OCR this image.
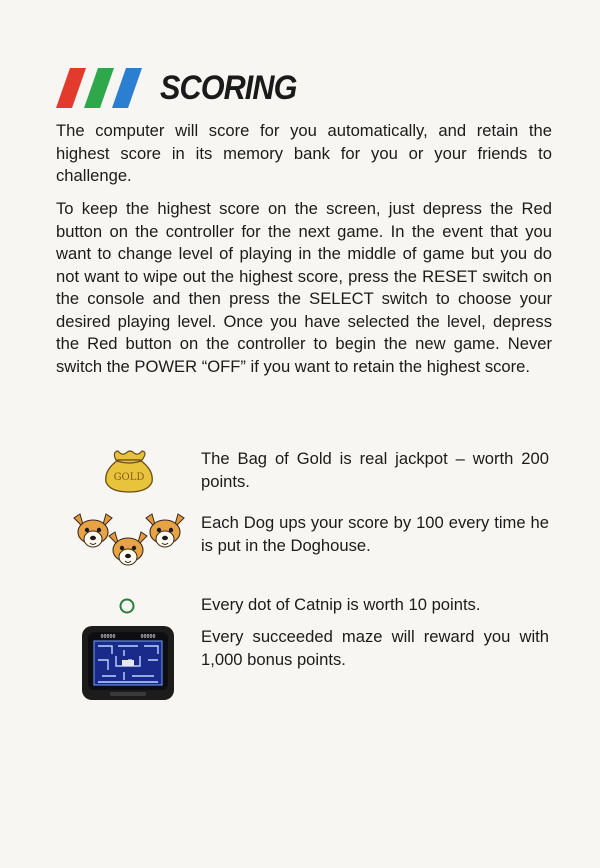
SCORING

The computer will score for you automatically, and retain the highest score in its memory bank for you or your friends to challenge.

To keep the highest score on the screen, just depress the Red button on the controller for the next game. In the event that you want to change level of playing in the middle of game but you do not want to wipe out the highest score, press the RESET switch on the console and then press the SELECT switch to choose your desired playing level. Once you have selected the level, depress the Red button on the controller to begin the new game. Never switch the POWER “OFF” if you want to retain the highest score.

GOLD

The Bag of Gold is real jackpot – worth 200 points.

Each Dog ups your score by 100 every time he is put in the Doghouse.

Every dot of Catnip is worth 10 points.

00000	00000	Every succeeded maze will reward you with 1,000 bonus points.
